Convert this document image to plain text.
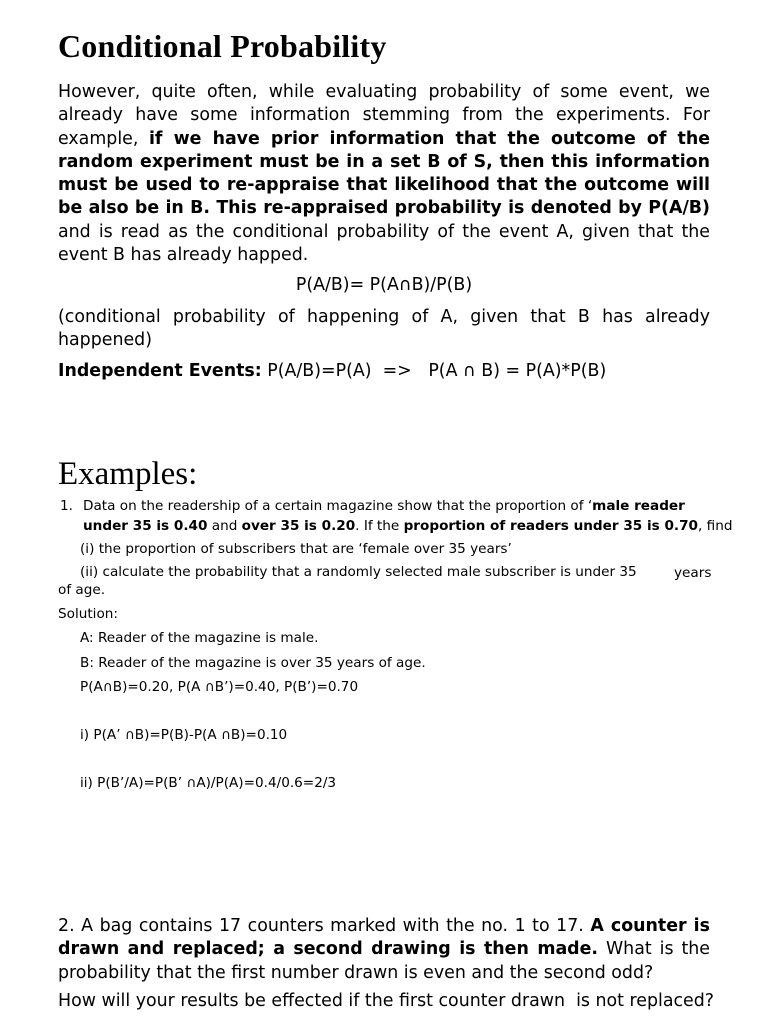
Conditional Probability
However, quite often, while evaluating probability of some event, we already have some information stemming from the experiments. For example, if we have prior information that the outcome of the random experiment must be in a set B of S, then this information must be used to re-appraise that likelihood that the outcome will be also be in B. This re-appraised probability is denoted by P(A/B) and is read as the conditional probability of the event A, given that the event B has already happed.
P(A/B)= P(A∩B)/P(B)
(conditional probability of happening of A, given that B has already happened)
Independent Events: P(A/B)=P(A)  =>   P(A ∩ B) = P(A)*P(B)
Examples:
1. Data on the readership of a certain magazine show that the proportion of ‘male reader
under 35 is 0.40 and over 35 is 0.20. If the proportion of readers under 35 is 0.70, find
(i) the proportion of subscribers that are ‘female over 35 years’
(ii) calculate the probability that a randomly selected male subscriber is under 35	years
of age.
Solution:
A: Reader of the magazine is male.
B: Reader of the magazine is over 35 years of age.
P(A∩B)=0.20, P(A ∩B’)=0.40, P(B’)=0.70
i) P(A’ ∩B)=P(B)-P(A ∩B)=0.10
ii) P(B’/A)=P(B’ ∩A)/P(A)=0.4/0.6=2/3
2. A bag contains 17 counters marked with the no. 1 to 17. A counter is drawn and replaced; a second drawing is then made. What is the probability that the first number drawn is even and the second odd?
How will your results be effected if the first counter drawn  is not replaced?
